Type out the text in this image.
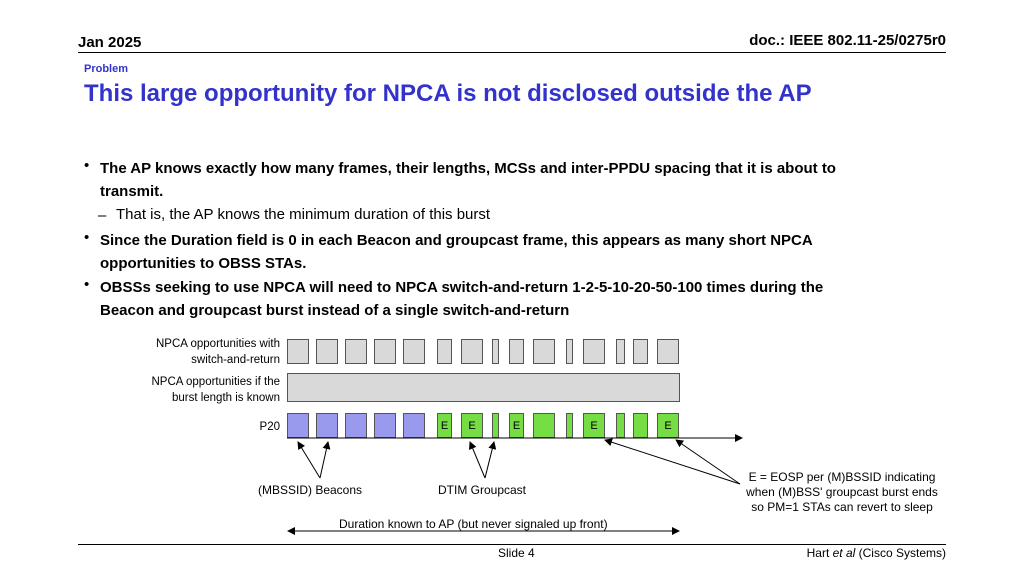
Jan 2025	doc.: IEEE 802.11-25/0275r0
Problem
This large opportunity for NPCA is not disclosed outside the AP
• The AP knows exactly how many frames, their lengths, MCSs and inter-PPDU spacing that it is about to
transmit.
– That is, the AP knows the minimum duration of this burst
• Since the Duration field is 0 in each Beacon and groupcast frame, this appears as many short NPCA
opportunities to OBSS STAs.
• OBSSs seeking to use NPCA will need to NPCA switch-and-return 1-2-5-10-20-50-100 times during the
Beacon and groupcast burst instead of a single switch-and-return
NPCA opportunities with
switch-and-return
NPCA opportunities if the
burst length is known
P20	E	E	E	E	E
(MBSSID) Beacons	DTIM Groupcast
E = EOSP per (M)BSSID indicating
when (M)BSS' groupcast burst ends
so PM=1 STAs can revert to sleep
Duration known to AP (but never signaled up front)
Slide 4	Hart et al (Cisco Systems)
